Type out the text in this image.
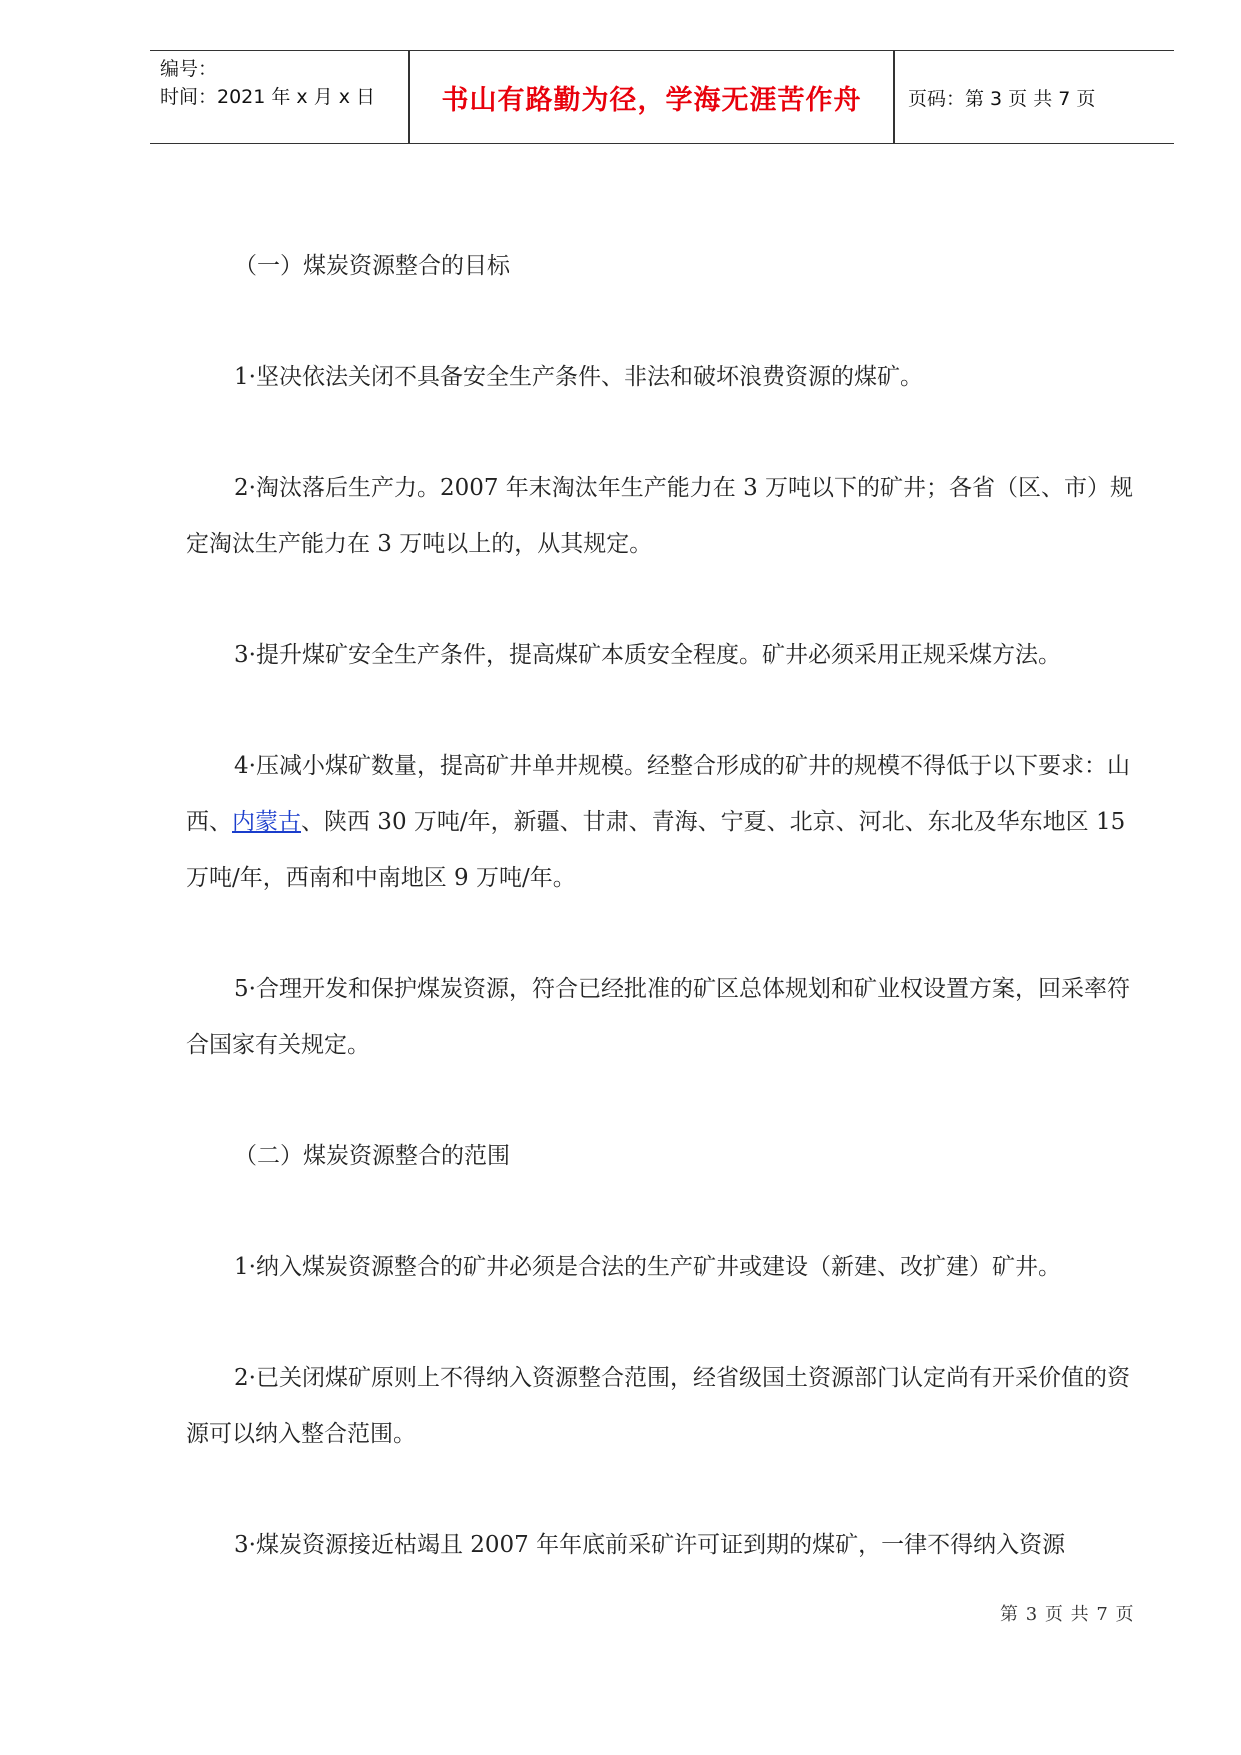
编号：
时间：2021 年 x 月 x 日	书山有路勤为径，学海无涯苦作舟	页码：第 3 页 共 7 页

（一）煤炭资源整合的目标

1·坚决依法关闭不具备安全生产条件、非法和破坏浪费资源的煤矿。

2·淘汰落后生产力。2007 年末淘汰年生产能力在 3 万吨以下的矿井；各省（区、市）规定淘汰生产能力在 3 万吨以上的，从其规定。

3·提升煤矿安全生产条件，提高煤矿本质安全程度。矿井必须采用正规采煤方法。

4·压减小煤矿数量，提高矿井单井规模。经整合形成的矿井的规模不得低于以下要求：山西、内蒙古、陕西 30 万吨/年，新疆、甘肃、青海、宁夏、北京、河北、东北及华东地区 15 万吨/年，西南和中南地区 9 万吨/年。

5·合理开发和保护煤炭资源，符合已经批准的矿区总体规划和矿业权设置方案，回采率符合国家有关规定。

（二）煤炭资源整合的范围

1·纳入煤炭资源整合的矿井必须是合法的生产矿井或建设（新建、改扩建）矿井。

2·已关闭煤矿原则上不得纳入资源整合范围，经省级国土资源部门认定尚有开采价值的资源可以纳入整合范围。

3·煤炭资源接近枯竭且 2007 年年底前采矿许可证到期的煤矿，一律不得纳入资源

第 3 页 共 7 页
